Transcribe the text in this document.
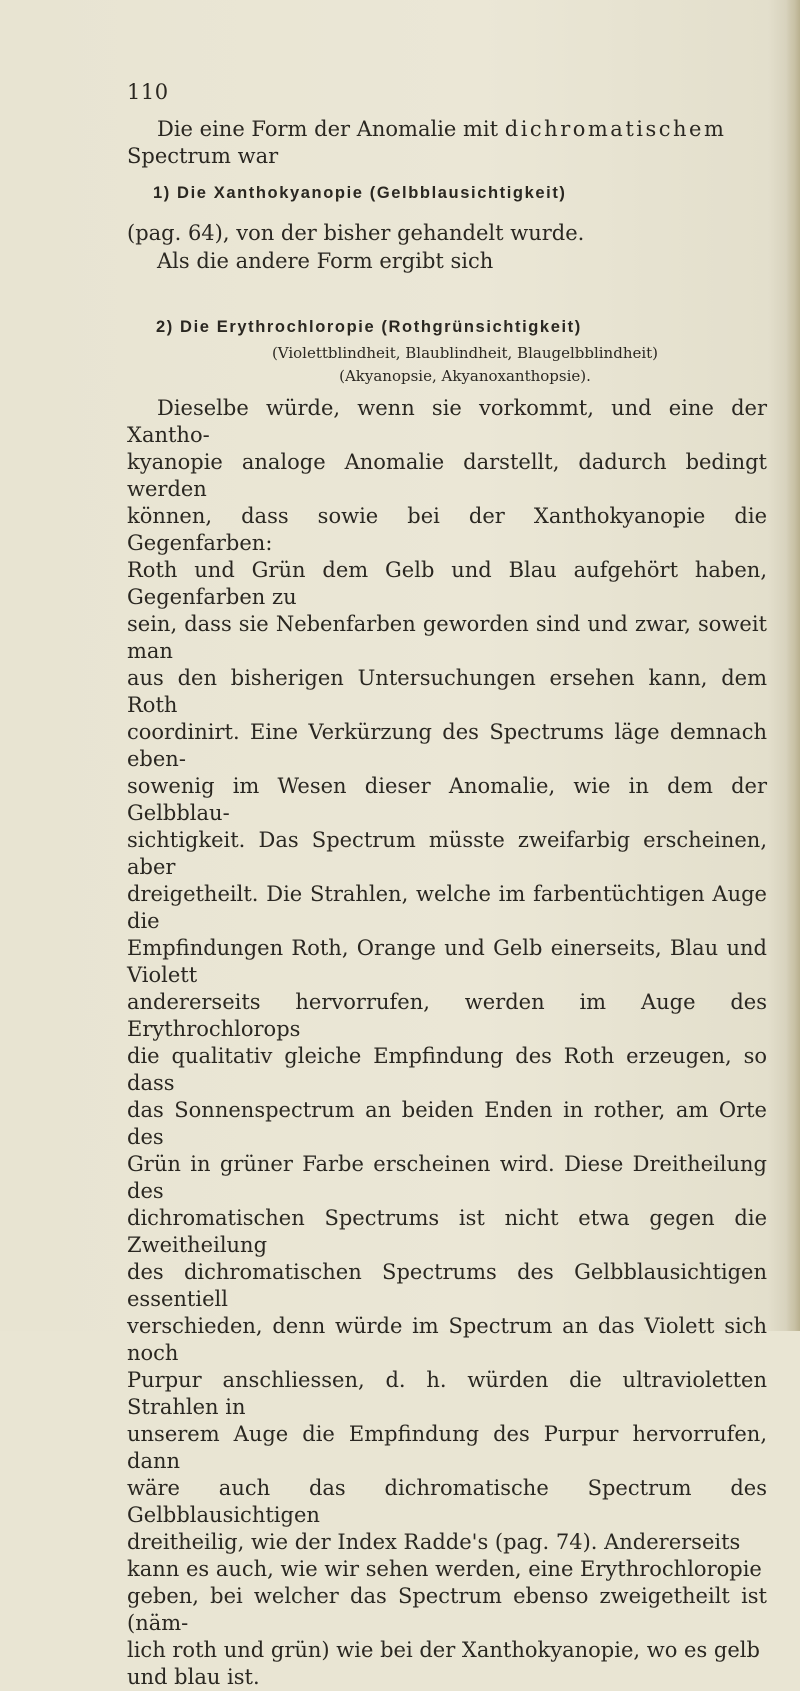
110
Die eine Form der Anomalie mit dichromatischem
Spectrum war
1) Die Xanthokyanopie (Gelbblausichtigkeit)
(pag. 64), von der bisher gehandelt wurde.
Als die andere Form ergibt sich
2) Die Erythrochloropie (Rothgrünsichtigkeit)
(Violettblindheit, Blaublindheit, Blaugelbblindheit)
(Akyanopsie, Akyanoxanthopsie).
Dieselbe würde, wenn sie vorkommt, und eine der Xantho-
kyanopie analoge Anomalie darstellt, dadurch bedingt werden
können, dass sowie bei der Xanthokyanopie die Gegenfarben:
Roth und Grün dem Gelb und Blau aufgehört haben, Gegenfarben zu
sein, dass sie Nebenfarben geworden sind und zwar, soweit man
aus den bisherigen Untersuchungen ersehen kann, dem Roth
coordinirt. Eine Verkürzung des Spectrums läge demnach eben-
sowenig im Wesen dieser Anomalie, wie in dem der Gelbblau-
sichtigkeit. Das Spectrum müsste zweifarbig erscheinen, aber
dreigetheilt. Die Strahlen, welche im farbentüchtigen Auge die
Empfindungen Roth, Orange und Gelb einerseits, Blau und Violett
andererseits hervorrufen, werden im Auge des Erythrochlorops
die qualitativ gleiche Empfindung des Roth erzeugen, so dass
das Sonnenspectrum an beiden Enden in rother, am Orte des
Grün in grüner Farbe erscheinen wird. Diese Dreitheilung des
dichromatischen Spectrums ist nicht etwa gegen die Zweitheilung
des dichromatischen Spectrums des Gelbblausichtigen essentiell
verschieden, denn würde im Spectrum an das Violett sich noch
Purpur anschliessen, d. h. würden die ultravioletten Strahlen in
unserem Auge die Empfindung des Purpur hervorrufen, dann
wäre auch das dichromatische Spectrum des Gelbblausichtigen
dreitheilig, wie der Index Radde's (pag. 74). Andererseits
kann es auch, wie wir sehen werden, eine Erythrochloropie
geben, bei welcher das Spectrum ebenso zweigetheilt ist (näm-
lich roth und grün) wie bei der Xanthokyanopie, wo es gelb
und blau ist.
